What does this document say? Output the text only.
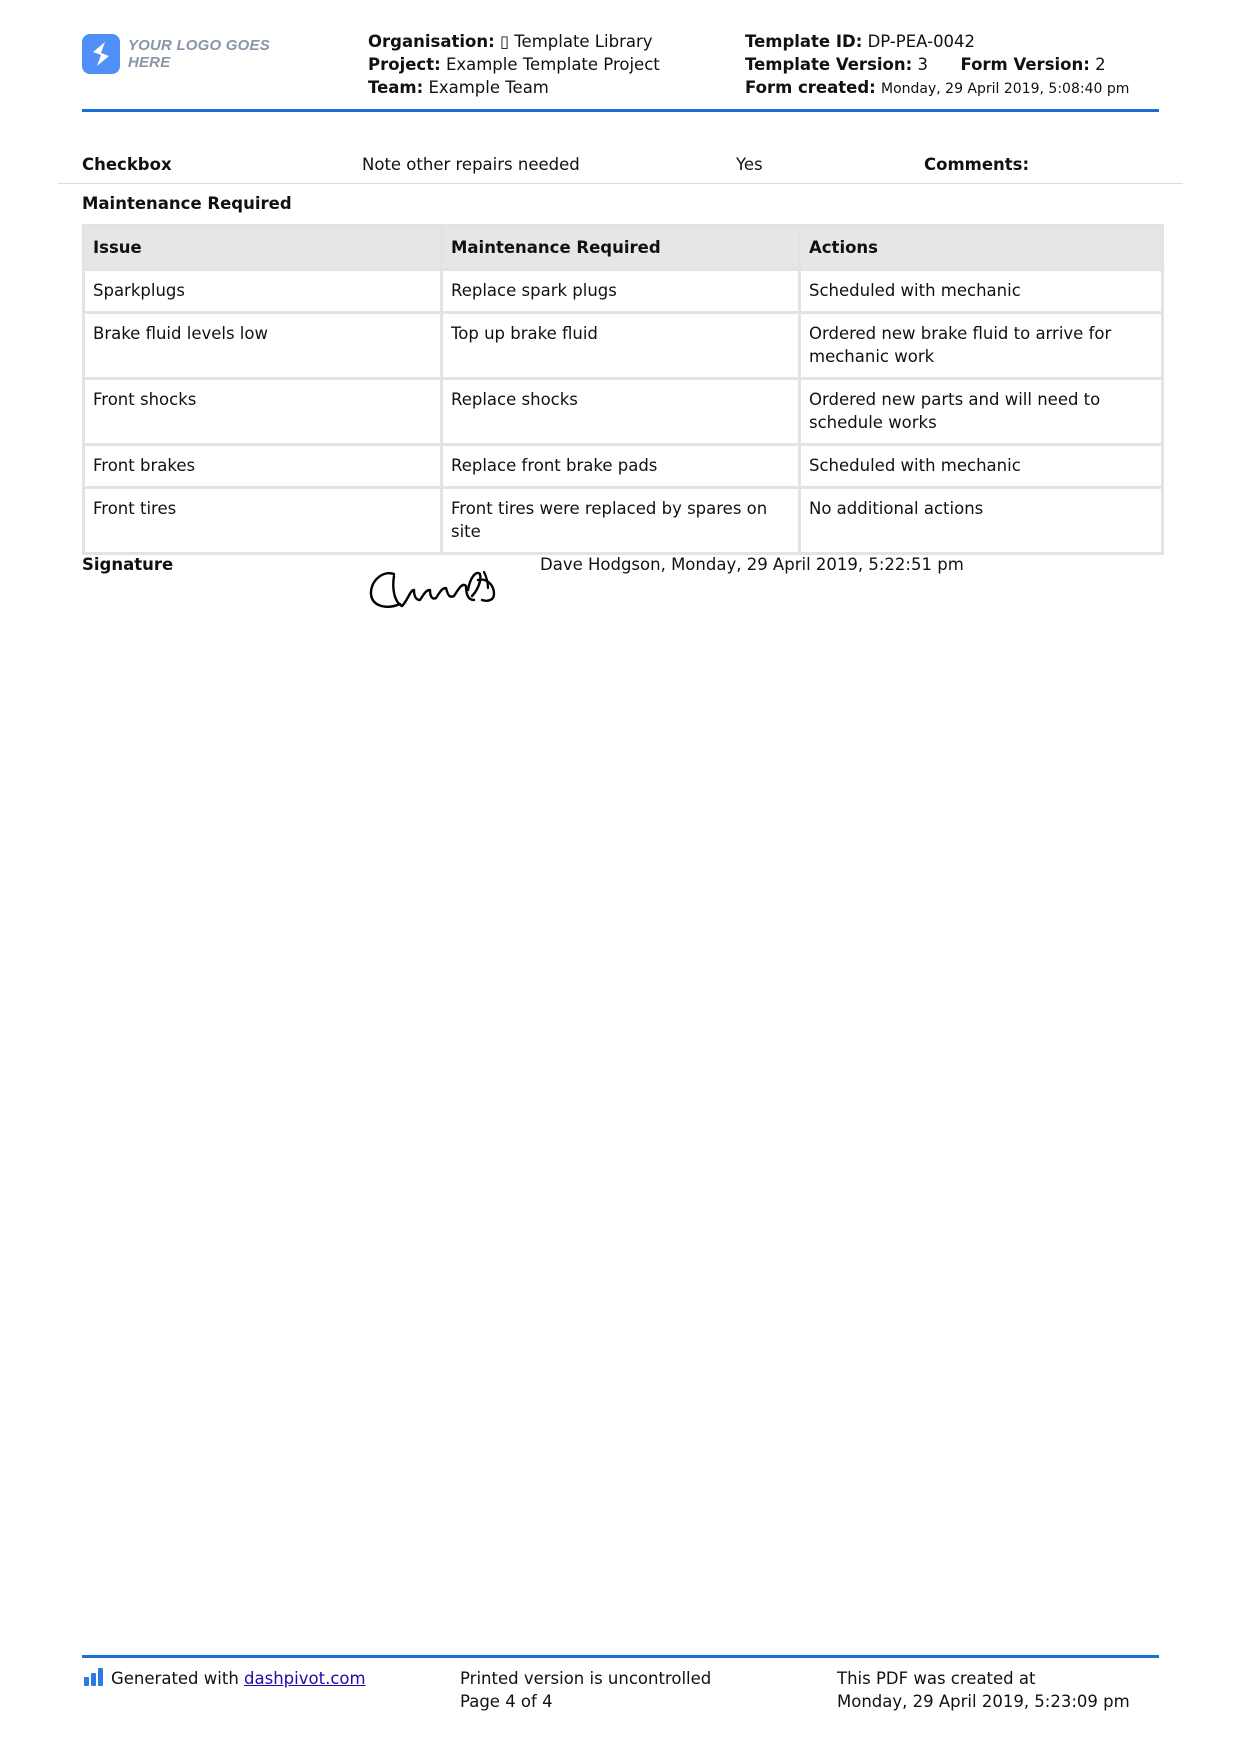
YOUR LOGO GOES HERE
Organisation: ▯ Template Library
Project: Example Template Project
Team: Example Team
Template ID: DP-PEA-0042
Template Version: 3 Form Version: 2
Form created: Monday, 29 April 2019, 5:08:40 pm
Checkbox	Note other repairs needed	Yes	Comments:
Maintenance Required
Issue	Maintenance Required	Actions
Sparkplugs	Replace spark plugs	Scheduled with mechanic
Brake fluid levels low	Top up brake fluid	Ordered new brake fluid to arrive for mechanic work
Front shocks	Replace shocks	Ordered new parts and will need to schedule works
Front brakes	Replace front brake pads	Scheduled with mechanic
Front tires	Front tires were replaced by spares on site	No additional actions
Signature	Dave Hodgson, Monday, 29 April 2019, 5:22:51 pm
Generated with dashpivot.com	Printed version is uncontrolled
Page 4 of 4
This PDF was created at
Monday, 29 April 2019, 5:23:09 pm
